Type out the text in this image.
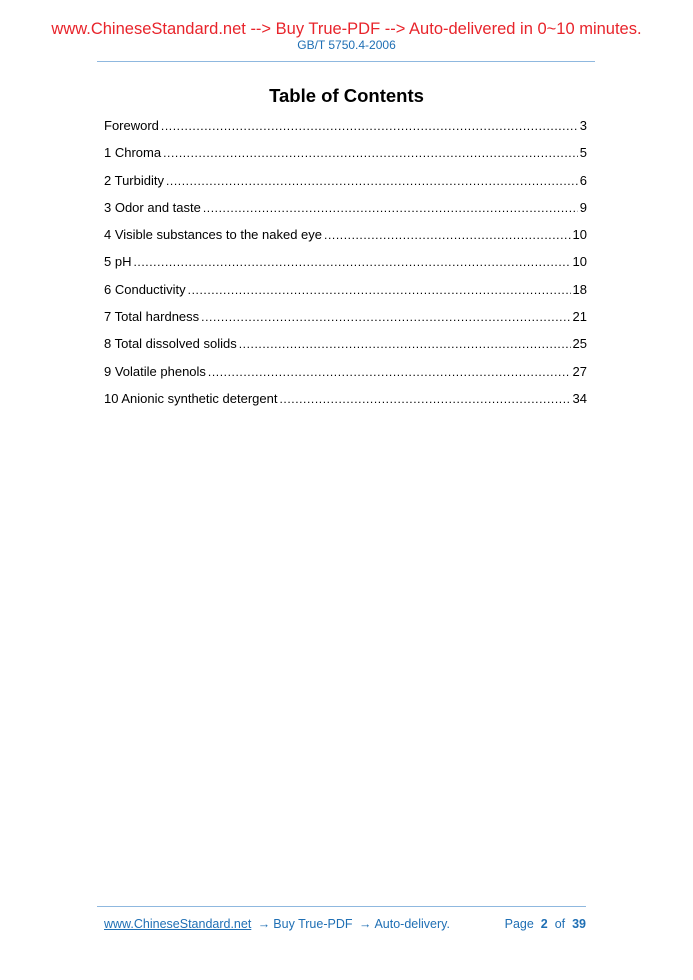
www.ChineseStandard.net --> Buy True-PDF --> Auto-delivered in 0~10 minutes.
GB/T 5750.4-2006
Table of Contents
Foreword .....	3
1 Chroma .....	5
2 Turbidity .....	6
3 Odor and taste .....	9
4 Visible substances to the naked eye .....	10
5 pH .....	10
6 Conductivity .....	18
7 Total hardness .....	21
8 Total dissolved solids .....	25
9 Volatile phenols .....	27
10 Anionic synthetic detergent .....	34
www.ChineseStandard.net → Buy True-PDF → Auto-delivery.	Page 2 of 39
